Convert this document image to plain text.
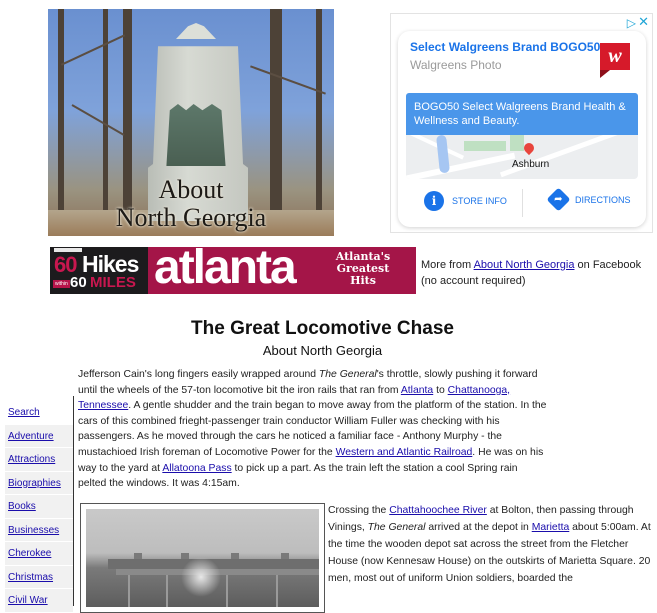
About
North Georgia
▷ ✕
Select Walgreens Brand BOGO50
Walgreens Photo	w
BOGO50 Select Walgreens Brand Health & Wellness and Beauty.
Ashburn
i	STORE INFO	➦ DIRECTIONS
60 Hikes
within 60 MILES atlanta	Atlanta's Greatest Hits
More from About North Georgia on Facebook (no account required)
The Great Locomotive Chase
About North Georgia
Jefferson Cain's long fingers easily wrapped around The General's throttle, slowly pushing it forward until the wheels of the 57-ton locomotive bit the iron rails that ran from Atlanta to Chattanooga, Tennessee. A gentle shudder and the train began to move away from the platform of the station. In the cars of this combined frieght-passenger train conductor William Fuller was checking with his passengers. As he moved through the cars he noticed a familiar face - Anthony Murphy - the mustachioed Irish foreman of Locomotive Power for the Western and Atlantic Railroad. He was on his way to the yard at Allatoona Pass to pick up a part. As the train left the station a cool Spring rain pelted the windows. It was 4:15am.
Search
Adventure
Attractions
Biographies
Books
Businesses
Cherokee
Christmas
Civil War
Crossing the Chattahoochee River at Bolton, then passing through Vinings, The General arrived at the depot in Marietta about 5:00am. At the time the wooden depot sat across the street from the Fletcher House (now Kennesaw House) on the outskirts of Marietta Square. 20 men, most out of uniform Union soldiers, boarded the
